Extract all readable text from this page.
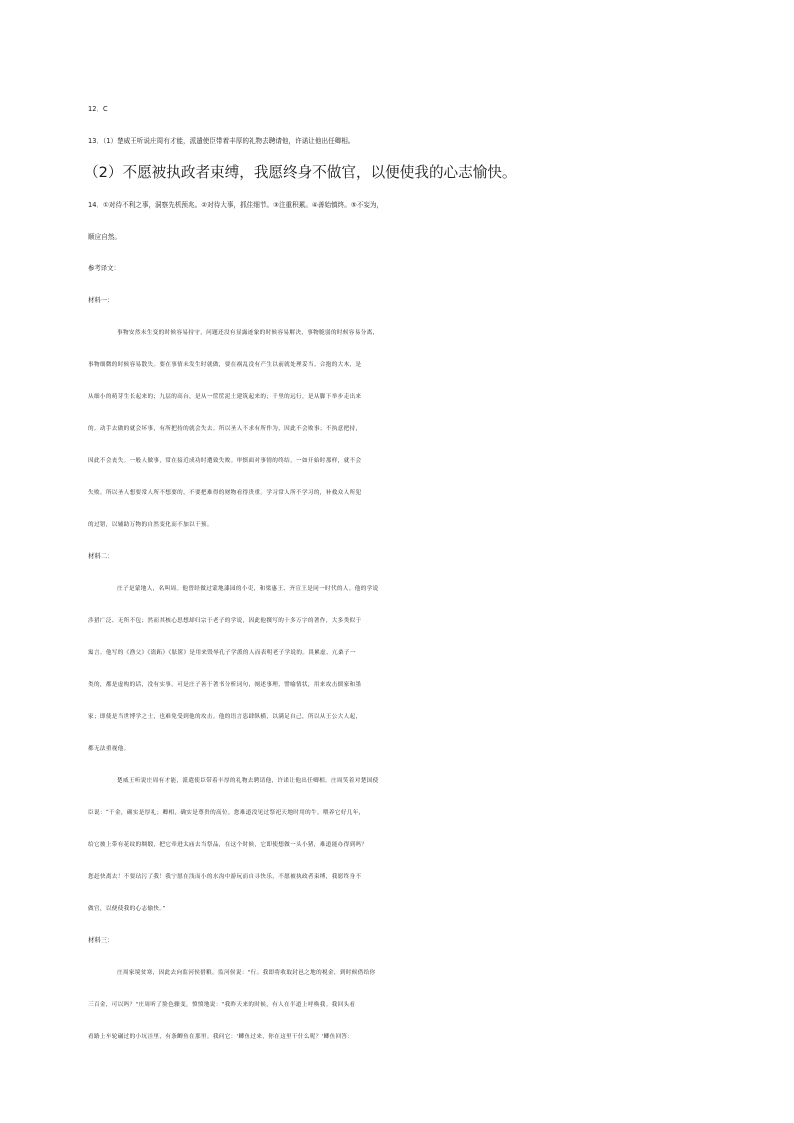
12．C
13．（1）楚威王听说庄周有才能，派遣使臣带着丰厚的礼物去聘请他，许诺让他出任卿相。
（2）不愿被执政者束缚，我愿终身不做官，以便使我的心志愉快。
14．①对待不利之事，洞察先机预兆。②对待大事，抓住细节。③注重积累。④善始慎终。⑤不妄为，
顺应自然。
参考译文：
材料一：
事物安然未生变的时候容易持守，问题还没有显露迹象的时候容易解决，事物脆弱的时候容易分离，
事物细微的时候容易散失。要在事情未发生时就做，要在祸乱没有产生以前就处理妥当。合抱的大木，是
从细小的萌芽生长起来的；九层的高台，是从一筐筐泥土建筑起来的；千里的远行，是从脚下举步走出来
的。动手去做的就会坏事，有所把持的就会失去。所以圣人不求有所作为，因此不会败事；不执意把持，
因此不会丧失。一般人做事，常在接近成功时遭致失败。审慎面对事情的终结，一如开始时那样，就不会
失败。所以圣人想要常人所不想要的，不要把难得的财物看得贵重。学习常人所不学习的，补救众人所犯
的过错，以辅助万物的自然变化而不加以干预。
材料二：
庄子是蒙地人，名叫周。他曾经做过蒙地漆园的小吏，和梁惠王、齐宣王是同一时代的人。他的学说
涉猎广泛、无所不包；然而其核心思想却归宗于老子的学说，因此他撰写的十多万字的著作，大多类似于
寓言。他写的《渔父》《盗跖》《胠箧》是用来毁辱孔子学派的人而表明老子学说的。畏累虚、亢桑子一
类的，都是虚构的话，没有实事。可是庄子善于著书分析词句，阐述事理，譬喻情状，用来攻击儒家和墨
家；即使是当世博学之士，也难免受到他的攻击。他的语言恣肆纵横，以满足自己，所以从王公大人起，
都无法重视他。
楚威王听说庄周有才能，派遣使臣带着丰厚的礼物去聘请他，许诺让他出任卿相。庄周笑着对楚国使
臣说：“千金，确实是厚礼；卿相，确实是尊贵的高位。您难道没见过祭祀天地时用的牛，喂养它好几年，
给它披上带有花纹的绸缎，把它牵进太庙去当祭品，在这个时候，它即使想做一头小猪，难道能办得到吗？
您赶快离去！不要玷污了我！我宁愿在浅而小的水沟中游玩而自寻快乐，不愿被执政者束缚，我愿终身不
做官，以便使我的心志愉快。”
材料三：
庄周家境贫寒，因此去向监河侯借粮。监河侯说："行。我即将收取封邑之地的税金，到时候借给你
三百金，可以吗？"庄周听了脸色骤变，愤愤地说："我昨天来的时候，有人在半道上呼唤我。我回头看
看路上车轮碾过的小坑洼里，有条鲫鱼在那里。我问它：'鲫鱼过来，你在这里干什么呢？'鲫鱼回答：
